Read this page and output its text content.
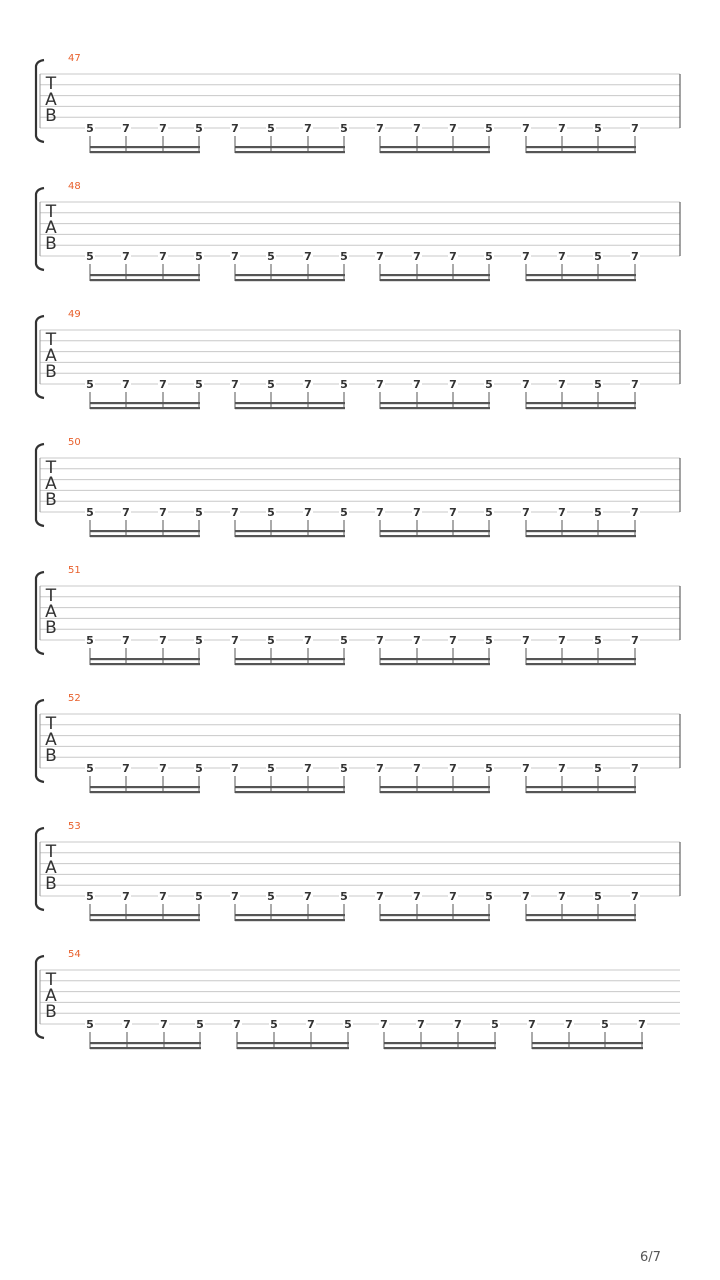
47
T
A
B
5	7	7	5	7	5	7	5	7	7	7	5	7	7	5	7
48
T
A
B
5	7	7	5	7	5	7	5	7	7	7	5	7	7	5	7
49
T
A
B
5	7	7	5	7	5	7	5	7	7	7	5	7	7	5	7
50
T
A
B
5	7	7	5	7	5	7	5	7	7	7	5	7	7	5	7
51
T
A
B
5	7	7	5	7	5	7	5	7	7	7	5	7	7	5	7
52
T
A
B
5	7	7	5	7	5	7	5	7	7	7	5	7	7	5	7
53
T
A
B
5	7	7	5	7	5	7	5	7	7	7	5	7	7	5	7
54
T
A
B
5	7	7	5	7	5	7	5	7	7	7	5	7	7	5	7
6/7
